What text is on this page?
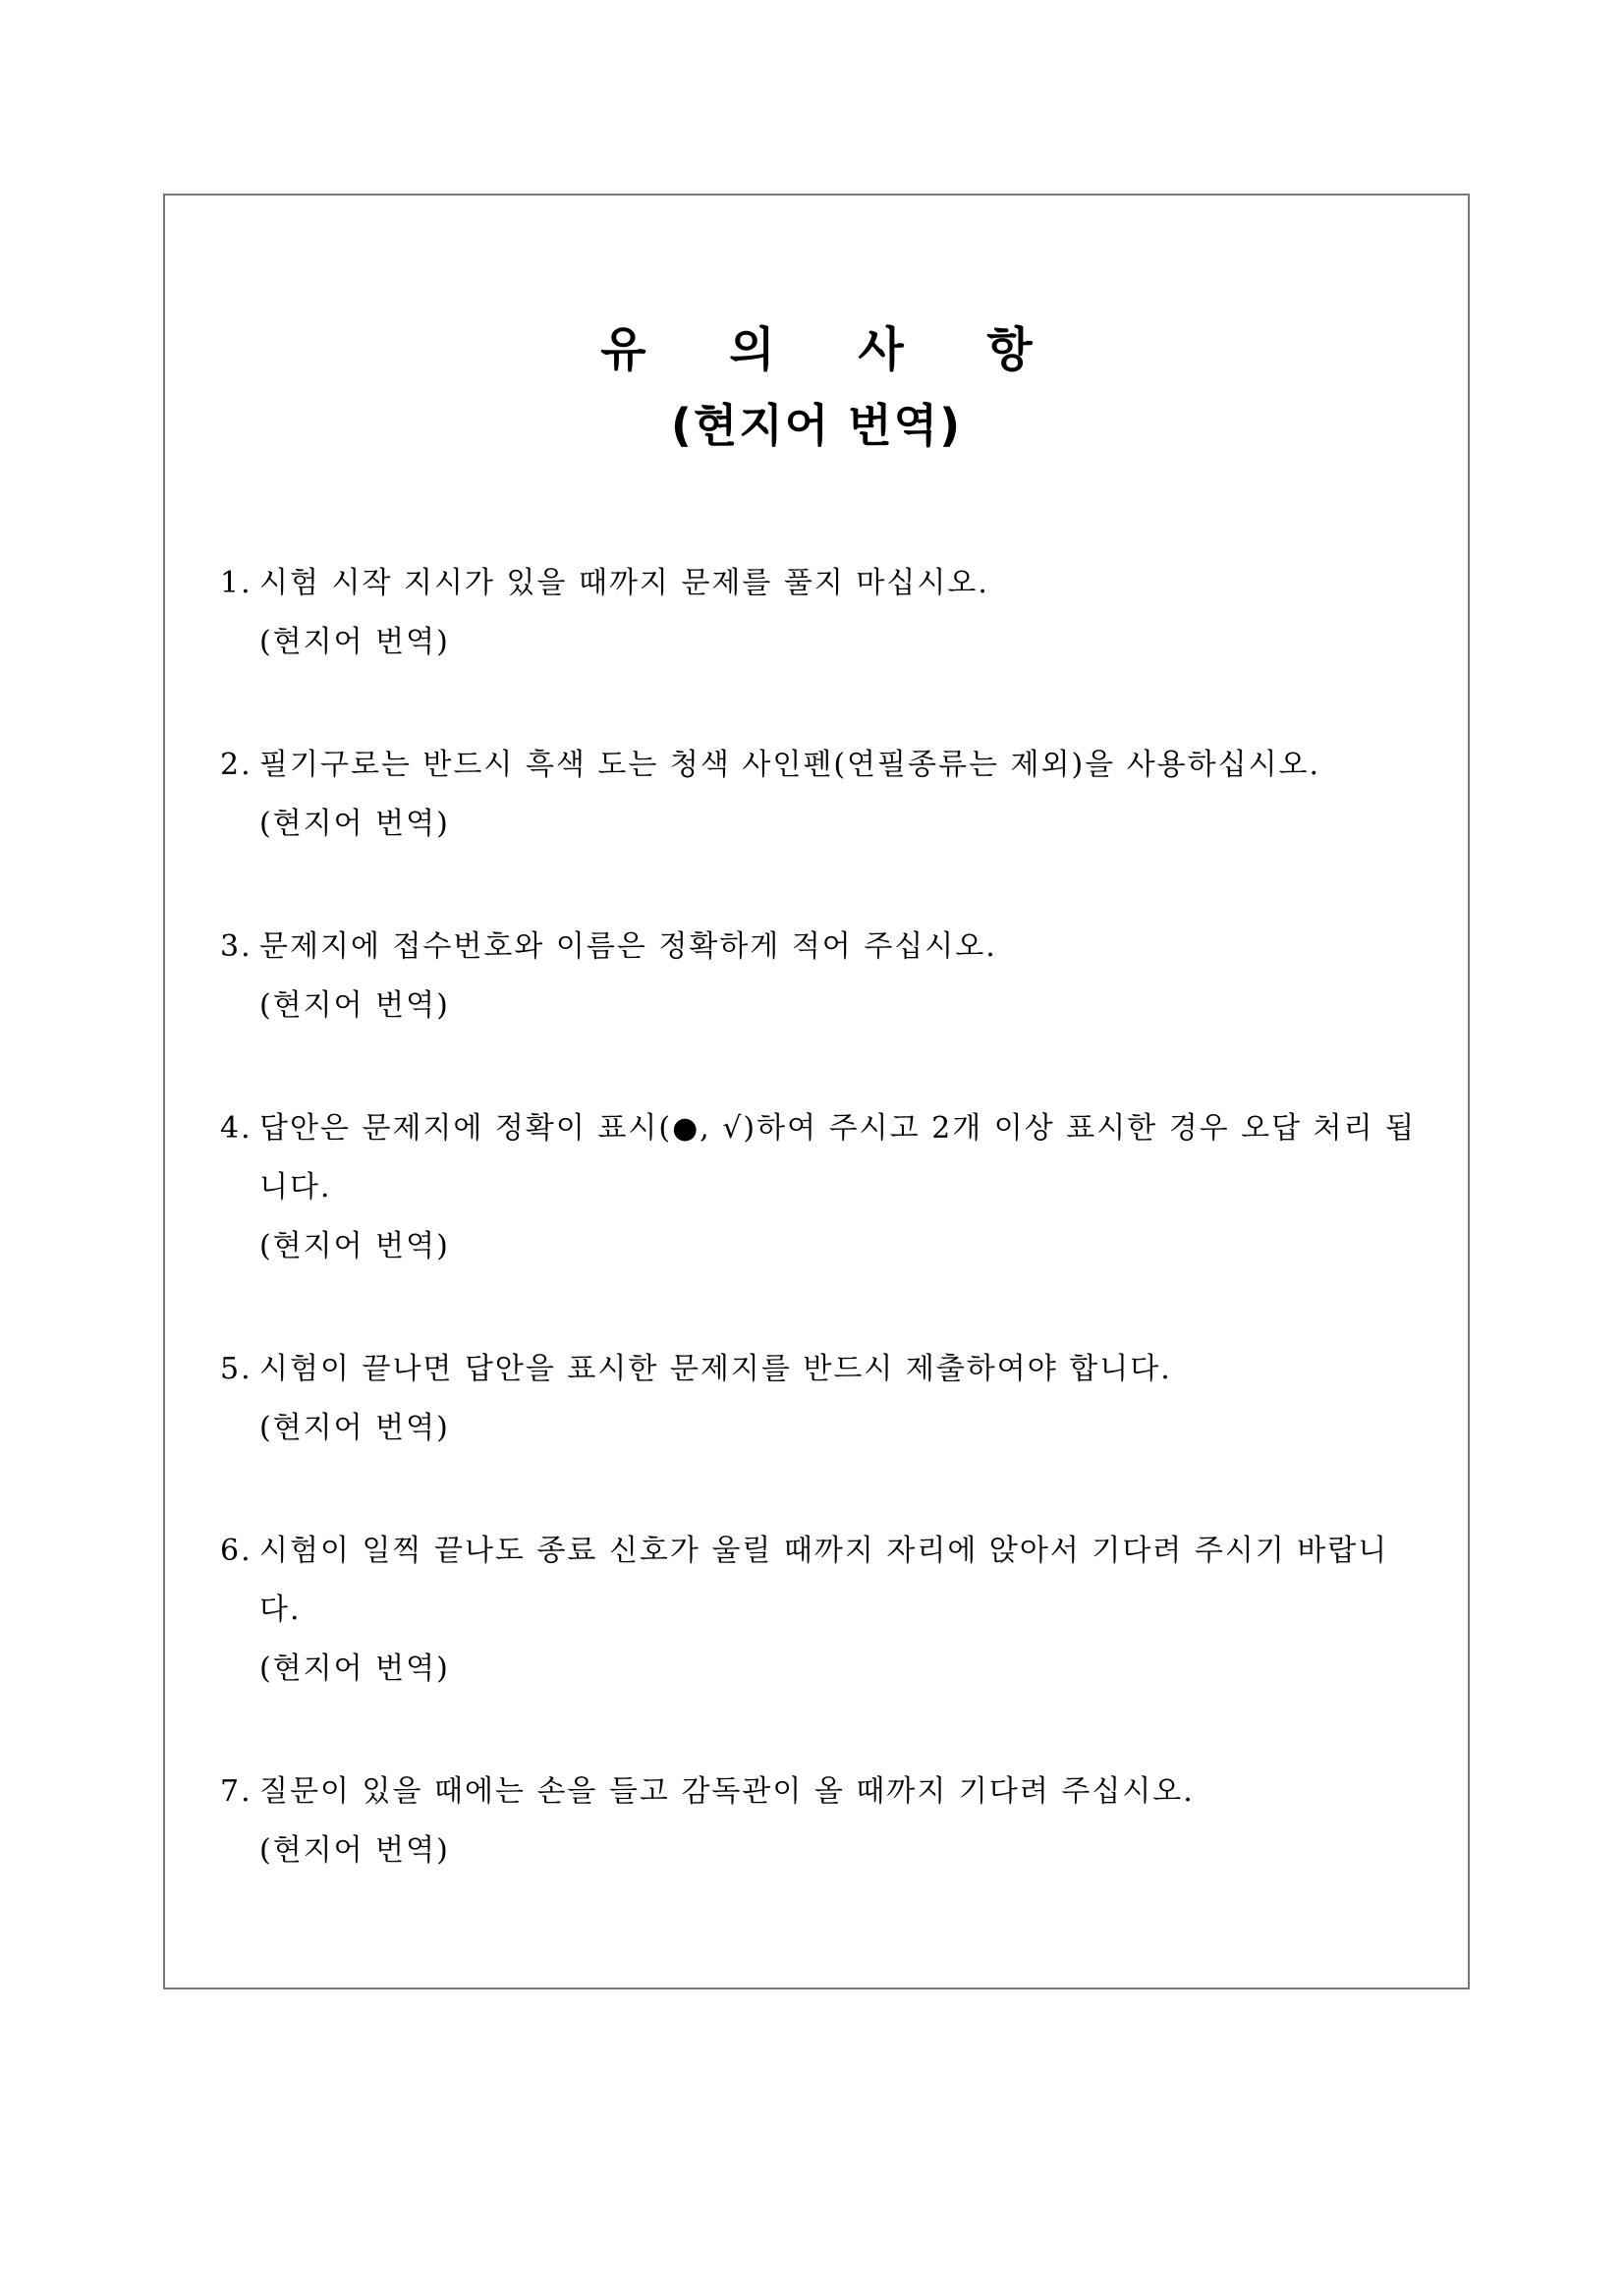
유 의 사 항
(현지어 번역)
1. 시험 시작 지시가 있을 때까지 문제를 풀지 마십시오.
(현지어 번역)
2. 필기구로는 반드시 흑색 도는 청색 사인펜(연필종류는 제외)을 사용하십시오.
(현지어 번역)
3. 문제지에 접수번호와 이름은 정확하게 적어 주십시오.
(현지어 번역)
4. 답안은 문제지에 정확이 표시(●, √)하여 주시고 2개 이상 표시한 경우 오답 처리 됩니다.
(현지어 번역)
5. 시험이 끝나면 답안을 표시한 문제지를 반드시 제출하여야 합니다.
(현지어 번역)
6. 시험이 일찍 끝나도 종료 신호가 울릴 때까지 자리에 앉아서 기다려 주시기 바랍니다.
(현지어 번역)
7. 질문이 있을 때에는 손을 들고 감독관이 올 때까지 기다려 주십시오.
(현지어 번역)
